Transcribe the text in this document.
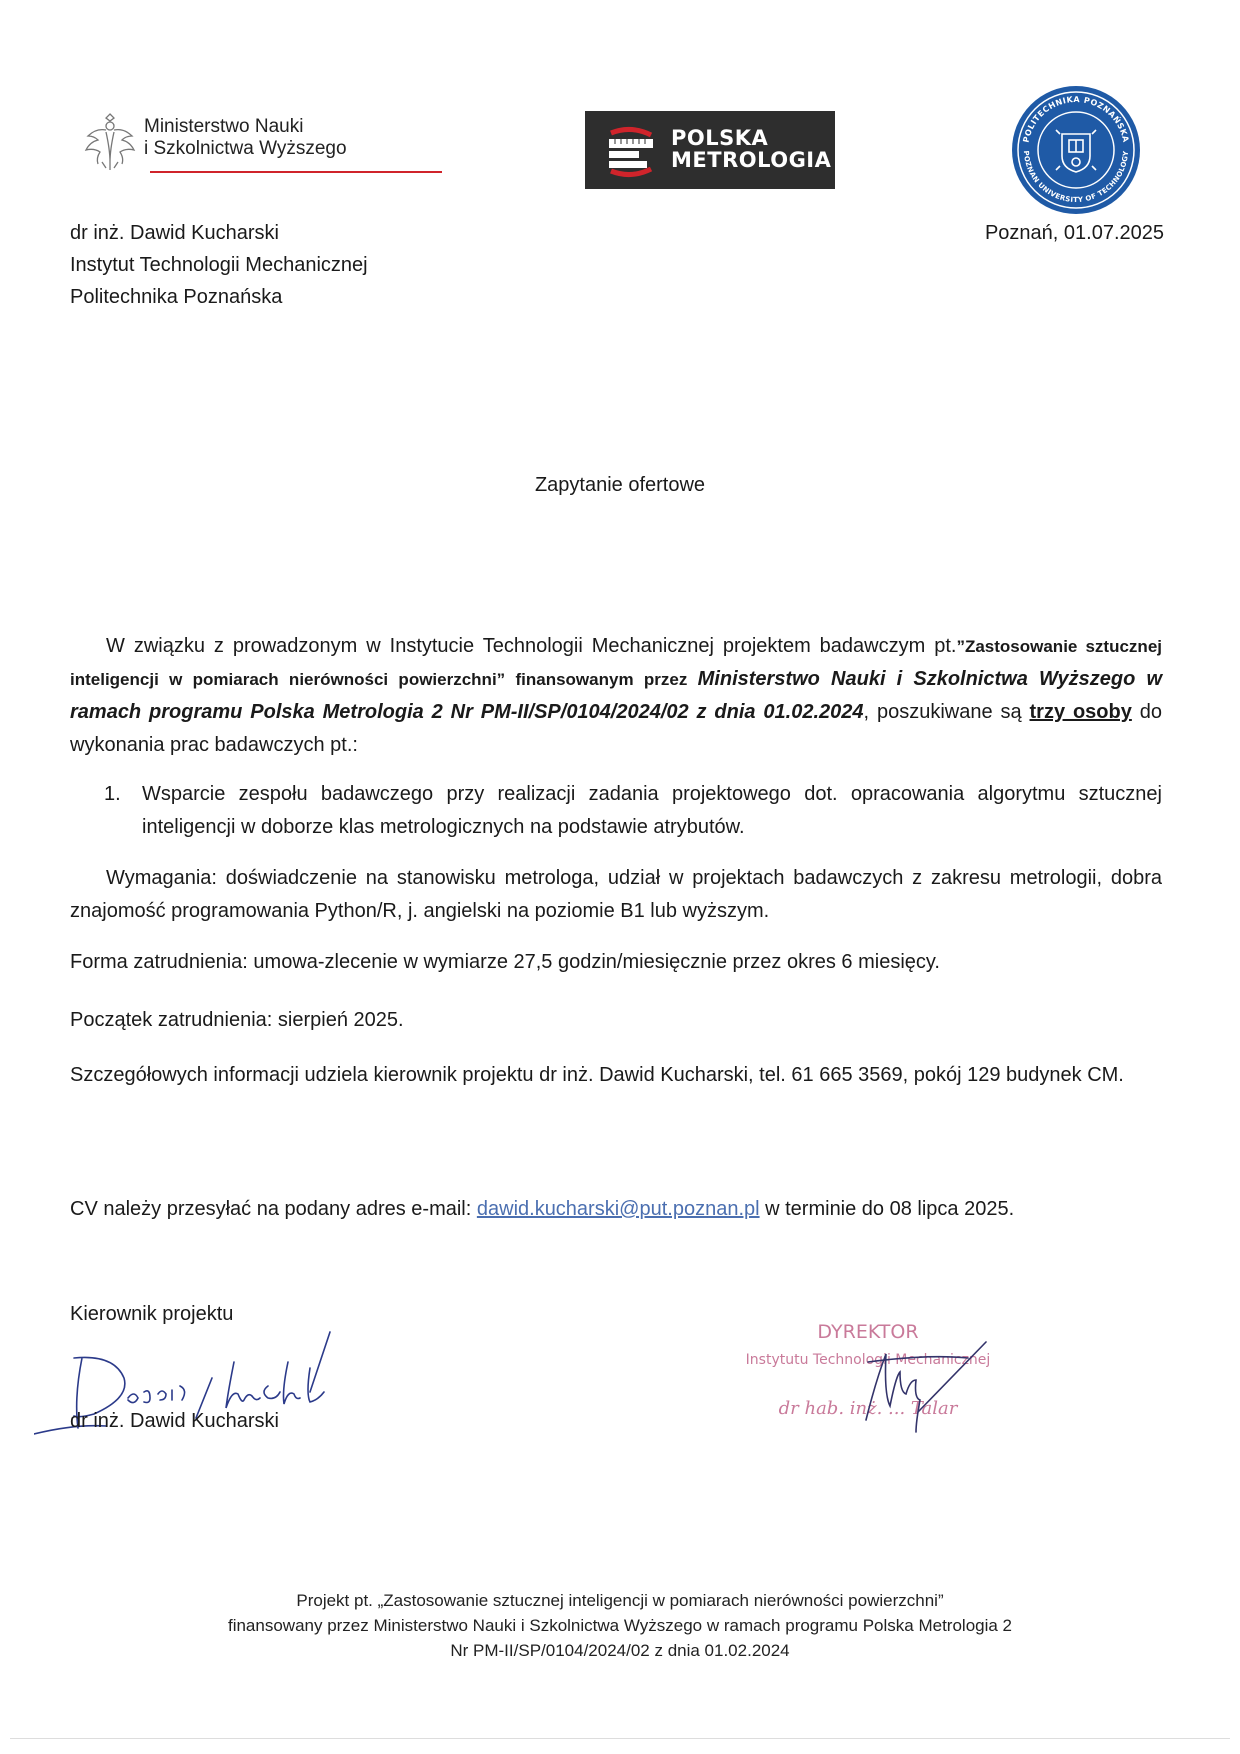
Ministerstwo Nauki
i Szkolnictwa Wyższego	POLSKA
METROLOGIA
POLITECHNIKA POZNAŃSKA
POZNAN UNIVERSITY OF TECHNOLOGY
dr inż. Dawid Kucharski
Instytut Technologii Mechanicznej
Politechnika Poznańska
Poznań, 01.07.2025
Zapytanie ofertowe
W związku z prowadzonym w Instytucie Technologii Mechanicznej projektem badawczym pt.”Zastosowanie sztucznej inteligencji w pomiarach nierówności powierzchni” finansowanym przez Ministerstwo Nauki i Szkolnictwa Wyższego w ramach programu Polska Metrologia 2 Nr PM-II/SP/0104/2024/02 z dnia 01.02.2024, poszukiwane są trzy osoby do wykonania prac badawczych pt.:
1. Wsparcie zespołu badawczego przy realizacji zadania projektowego dot. opracowania algorytmu sztucznej inteligencji w doborze klas metrologicznych na podstawie atrybutów.
Wymagania: doświadczenie na stanowisku metrologa, udział w projektach badawczych z zakresu metrologii, dobra znajomość programowania Python/R, j. angielski na poziomie B1 lub wyższym.
Forma zatrudnienia: umowa-zlecenie w wymiarze 27,5 godzin/miesięcznie przez okres 6 miesięcy.
Początek zatrudnienia: sierpień 2025.
Szczegółowych informacji udziela kierownik projektu dr inż. Dawid Kucharski, tel. 61 665 3569, pokój 129 budynek CM.
CV należy przesyłać na podany adres e-mail: dawid.kucharski@put.poznan.pl w terminie do 08 lipca 2025.
Kierownik projektu
dr inż. Dawid Kucharski
DYREKTOR
Instytutu Technologii Mechanicznej
dr hab. inż. ... Talar
Projekt pt. „Zastosowanie sztucznej inteligencji w pomiarach nierówności powierzchni”
finansowany przez Ministerstwo Nauki i Szkolnictwa Wyższego w ramach programu Polska Metrologia 2
Nr PM-II/SP/0104/2024/02 z dnia 01.02.2024
